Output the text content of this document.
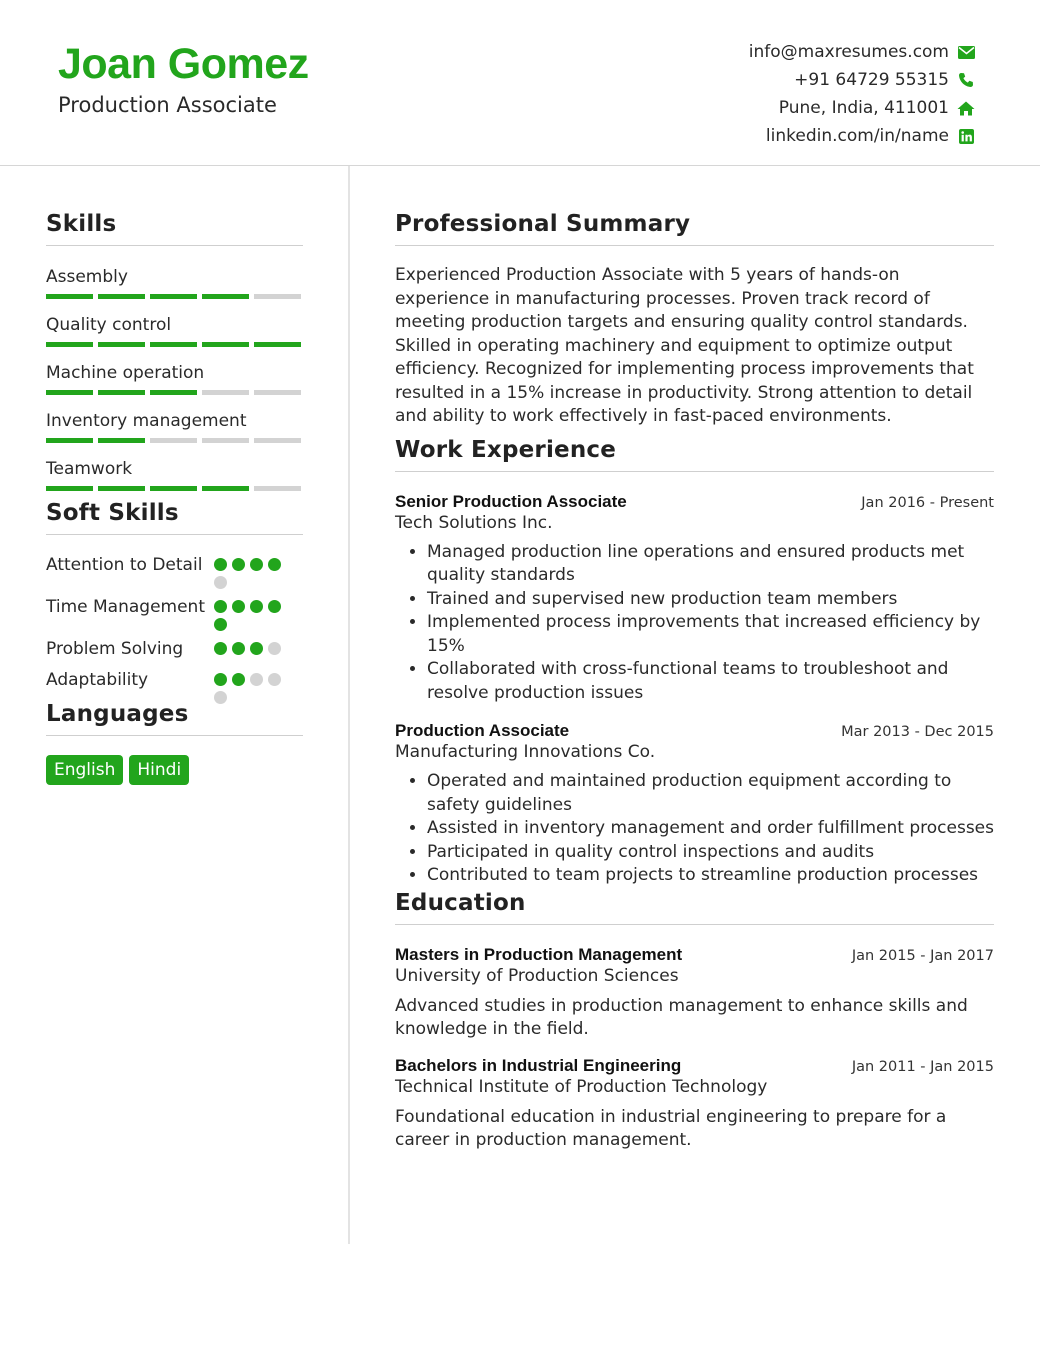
Joan Gomez
Production Associate
info@maxresumes.com
+91 64729 55315
Pune, India, 411001
linkedin.com/in/name
Skills
Assembly
Quality control
Machine operation
Inventory management
Teamwork
Soft Skills
Attention to Detail
Time Management
Problem Solving
Adaptability
Languages
English	Hindi
Professional Summary
Experienced Production Associate with 5 years of hands-on experience in manufacturing processes. Proven track record of meeting production targets and ensuring quality control standards. Skilled in operating machinery and equipment to optimize output efficiency. Recognized for implementing process improvements that resulted in a 15% increase in productivity. Strong attention to detail and ability to work effectively in fast-paced environments.
Work Experience
Senior Production Associate	Jan 2016 - Present
Tech Solutions Inc.
• Managed production line operations and ensured products met quality standards
• Trained and supervised new production team members
• Implemented process improvements that increased efficiency by 15%
• Collaborated with cross-functional teams to troubleshoot and resolve production issues
Production Associate	Mar 2013 - Dec 2015
Manufacturing Innovations Co.
• Operated and maintained production equipment according to safety guidelines
• Assisted in inventory management and order fulfillment processes
• Participated in quality control inspections and audits
• Contributed to team projects to streamline production processes
Education
Masters in Production Management	Jan 2015 - Jan 2017
University of Production Sciences
Advanced studies in production management to enhance skills and knowledge in the field.
Bachelors in Industrial Engineering	Jan 2011 - Jan 2015
Technical Institute of Production Technology
Foundational education in industrial engineering to prepare for a career in production management.
